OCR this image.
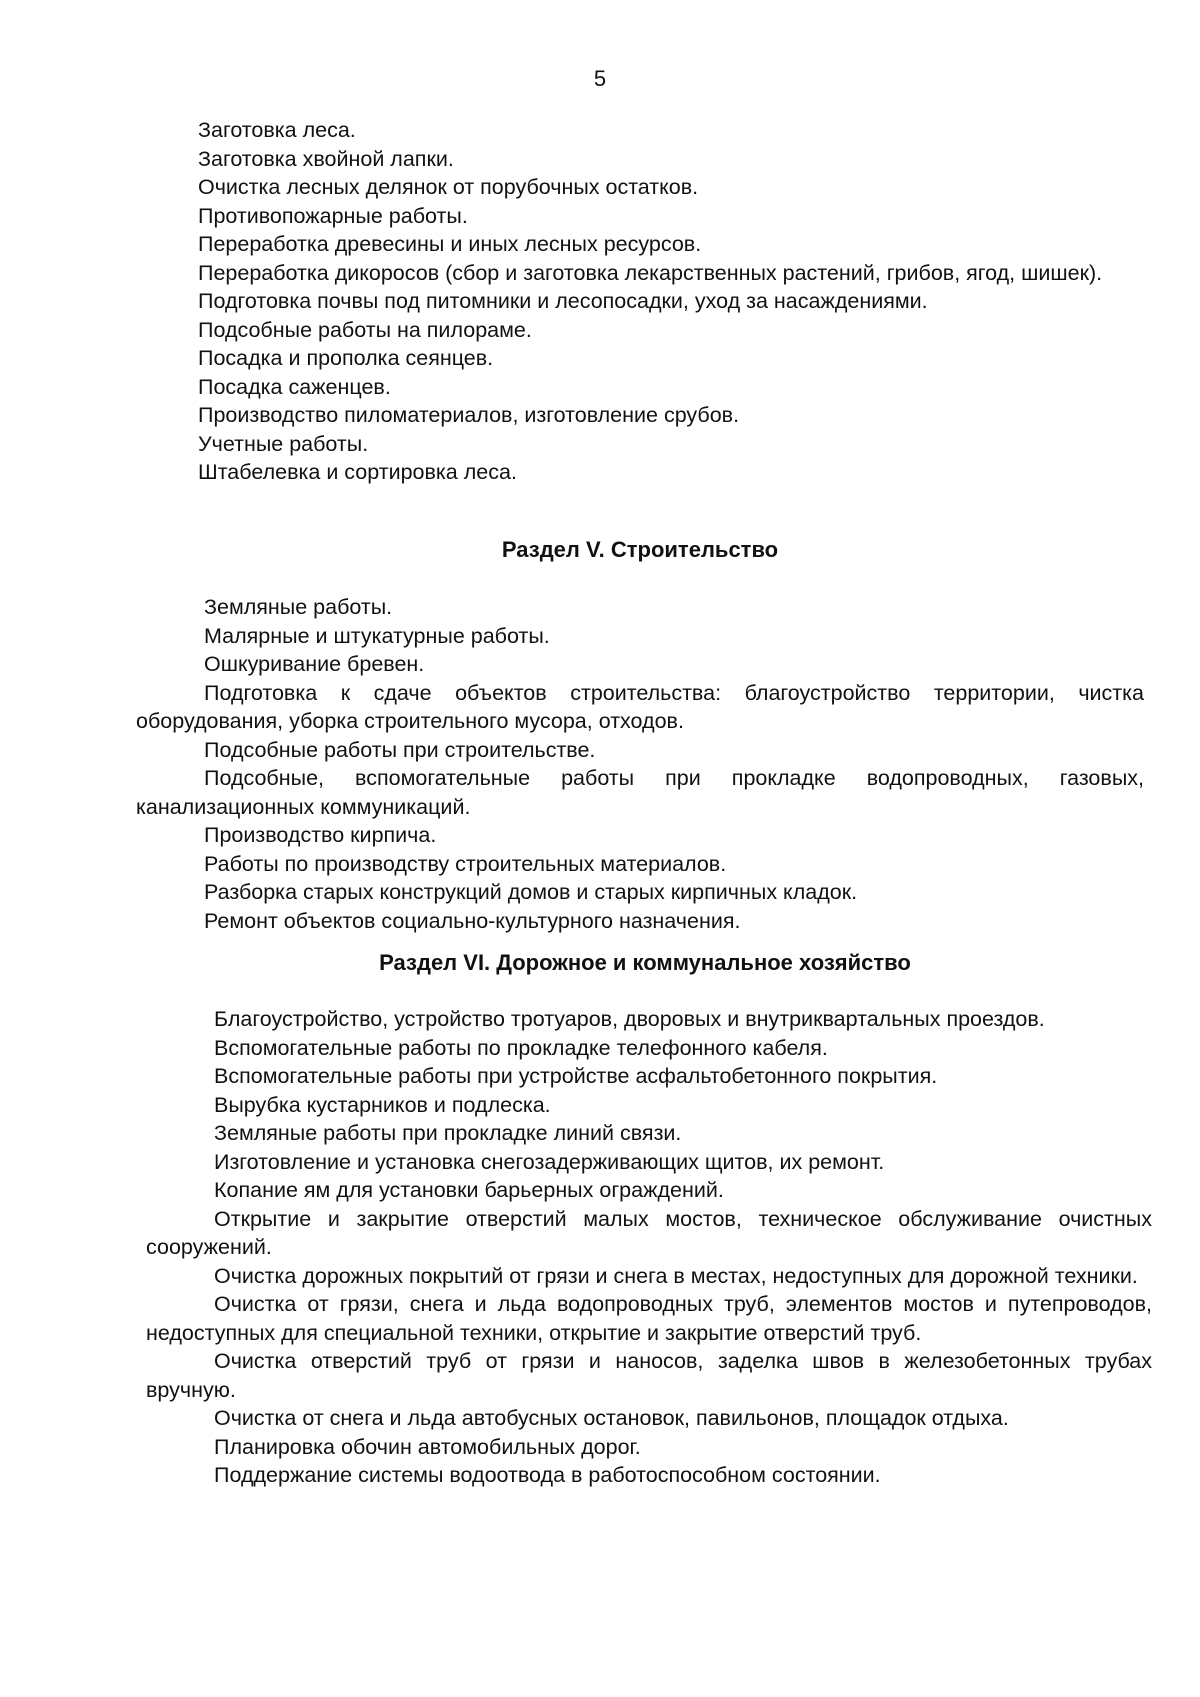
5

Заготовка леса.

Заготовка хвойной лапки.

Очистка лесных делянок от порубочных остатков.

Противопожарные работы.

Переработка древесины и иных лесных ресурсов.

Переработка дикоросов (сбор и заготовка лекарственных растений, грибов, ягод, шишек).

Подготовка почвы под питомники и лесопосадки, уход за насаждениями.

Подсобные работы на пилораме.

Посадка и прополка сеянцев.

Посадка саженцев.

Производство пиломатериалов, изготовление срубов.

Учетные работы.

Штабелевка и сортировка леса.

Раздел V. Строительство

Земляные работы.

Малярные и штукатурные работы.

Ошкуривание бревен.

Подготовка к сдаче объектов строительства: благоустройство территории, чистка оборудования, уборка строительного мусора, отходов.

Подсобные работы при строительстве.

Подсобные, вспомогательные работы при прокладке водопроводных, газовых, канализационных коммуникаций.

Производство кирпича.

Работы по производству строительных материалов.

Разборка старых конструкций домов и старых кирпичных кладок.

Ремонт объектов социально-культурного назначения.

Раздел VI. Дорожное и коммунальное хозяйство

Благоустройство, устройство тротуаров, дворовых и внутриквартальных проездов.

Вспомогательные работы по прокладке телефонного кабеля.

Вспомогательные работы при устройстве асфальтобетонного покрытия.

Вырубка кустарников и подлеска.

Земляные работы при прокладке линий связи.

Изготовление и установка снегозадерживающих щитов, их ремонт.

Копание ям для установки барьерных ограждений.

Открытие и закрытие отверстий малых мостов, техническое обслуживание очистных сооружений.

Очистка дорожных покрытий от грязи и снега в местах, недоступных для дорожной техники.

Очистка от грязи, снега и льда водопроводных труб, элементов мостов и путепроводов, недоступных для специальной техники, открытие и закрытие отверстий труб.

Очистка отверстий труб от грязи и наносов, заделка швов в железобетонных трубах вручную.

Очистка от снега и льда автобусных остановок, павильонов, площадок отдыха.

Планировка обочин автомобильных дорог.

Поддержание системы водоотвода в работоспособном состоянии.
